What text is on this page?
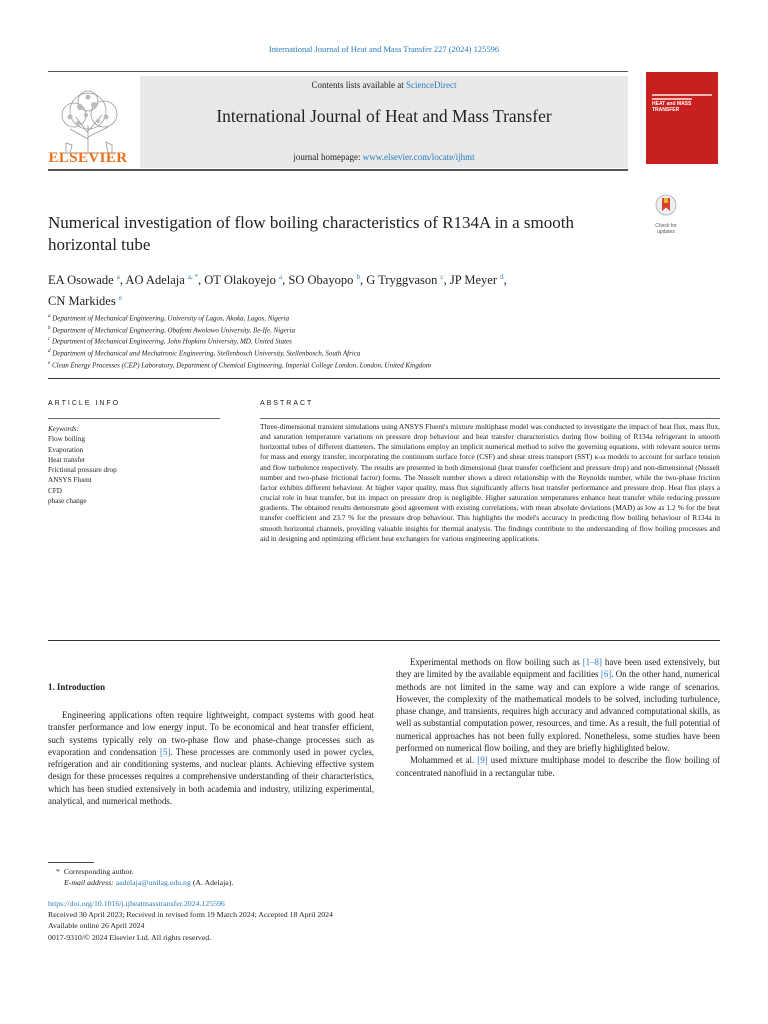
International Journal of Heat and Mass Transfer 227 (2024) 125596
ELSEVIER
Contents lists available at ScienceDirect
International Journal of Heat and Mass Transfer
journal homepage: www.elsevier.com/locate/ijhmt
HEAT and MASS TRANSFER
Check for updates
Numerical investigation of flow boiling characteristics of R134A in a smooth horizontal tube
EA Osowade $^a$, AO Adelaja $^{a, *}$, OT Olakoyejo $^a$, SO Obayopo $^b$, G Tryggvason $^c$, JP Meyer $^d$,
CN Markides $^e$
$^a$ Department of Mechanical Engineering, University of Lagos, Akoka, Lagos, Nigeria
$^b$ Department of Mechanical Engineering, Obafemi Awolowo University, Ile-Ife, Nigeria
$^c$ Department of Mechanical Engineering, John Hopkins University, MD, United States
$^d$ Department of Mechanical and Mechatronic Engineering, Stellenbosch University, Stellenbosch, South Africa
$^e$ Clean Energy Processes (CEP) Laboratory, Department of Chemical Engineering, Imperial College London, London, United Kingdom
ARTICLE INFO	ABSTRACT
Keywords:
Flow boiling
Evaporation
Heat transfer
Frictional pressure drop
ANSYS Fluent
CFD
phase change
Three-dimensional transient simulations using ANSYS Fluent's mixture multiphase model was conducted to investigate the impact of heat flux, mass flux, and saturation temperature variations on pressure drop behaviour and heat transfer characteristics during flow boiling of R134a refrigerant in smooth horizontal tubes of different diameters. The simulations employ an implicit numerical method to solve the governing equations, with relevant source terms for mass and energy transfer, incorporating the continuum surface force (CSF) and shear stress transport (SST) κ-ω models to account for surface tension and flow turbulence respectively. The results are presented in both dimensional (heat transfer coefficient and pressure drop) and non-dimensional (Nusselt number and two-phase frictional factor) forms. The Nusselt number shows a direct relationship with the Reynolds number, while the two-phase friction factor exhibits different behaviour. At higher vapor quality, mass flux significantly affects heat transfer performance and pressure drop. Heat flux plays a crucial role in heat transfer, but its impact on pressure drop is negligible. Higher saturation temperatures enhance heat transfer while reducing pressure gradients. The obtained results demonstrate good agreement with existing correlations, with mean absolute deviations (MAD) as low as 1.2 % for the heat transfer coefficient and 23.7 % for the pressure drop behaviour. This highlights the model's accuracy in predicting flow boiling behaviour of R134a in smooth horizontal channels, providing valuable insights for thermal analysis. The findings contribute to the understanding of flow boiling processes and aid in designing and optimizing efficient heat exchangers for various engineering applications.
1. Introduction

Engineering applications often require lightweight, compact systems with good heat transfer performance and low energy input. To be economical and heat transfer efficient, such systems typically rely on two-phase flow and phase-change processes such as evaporation and condensation [5]. These processes are commonly used in power cycles, refrigeration and air conditioning systems, and nuclear plants. Achieving effective system design for these processes requires a comprehensive understanding of their characteristics, which has been studied extensively in both academia and industry, utilizing experimental, analytical, and numerical methods.

Experimental methods on flow boiling such as [1–8] have been used extensively, but they are limited by the available equipment and facilities [6]. On the other hand, numerical methods are not limited in the same way and can explore a wide range of scenarios. However, the complexity of the mathematical models to be solved, including turbulence, phase change, and transients, requires high accuracy and advanced computational skills, as well as substantial computation power, resources, and time. As a result, the full potential of numerical approaches has not been fully explored. Nonetheless, some studies have been performed on numerical flow boiling, and they are briefly highlighted below.

Mohammed et al. [9] used mixture multiphase model to describe the flow boiling of concentrated nanofluid in a rectangular tube.

* Corresponding author.
E-mail address: aadelaja@unilag.edu.ng (A. Adelaja).
https://doi.org/10.1016/j.ijheatmasstransfer.2024.125596
Received 30 April 2023; Received in revised form 19 March 2024; Accepted 18 April 2024
Available online 26 April 2024
0017-9310/© 2024 Elsevier Ltd. All rights reserved.
